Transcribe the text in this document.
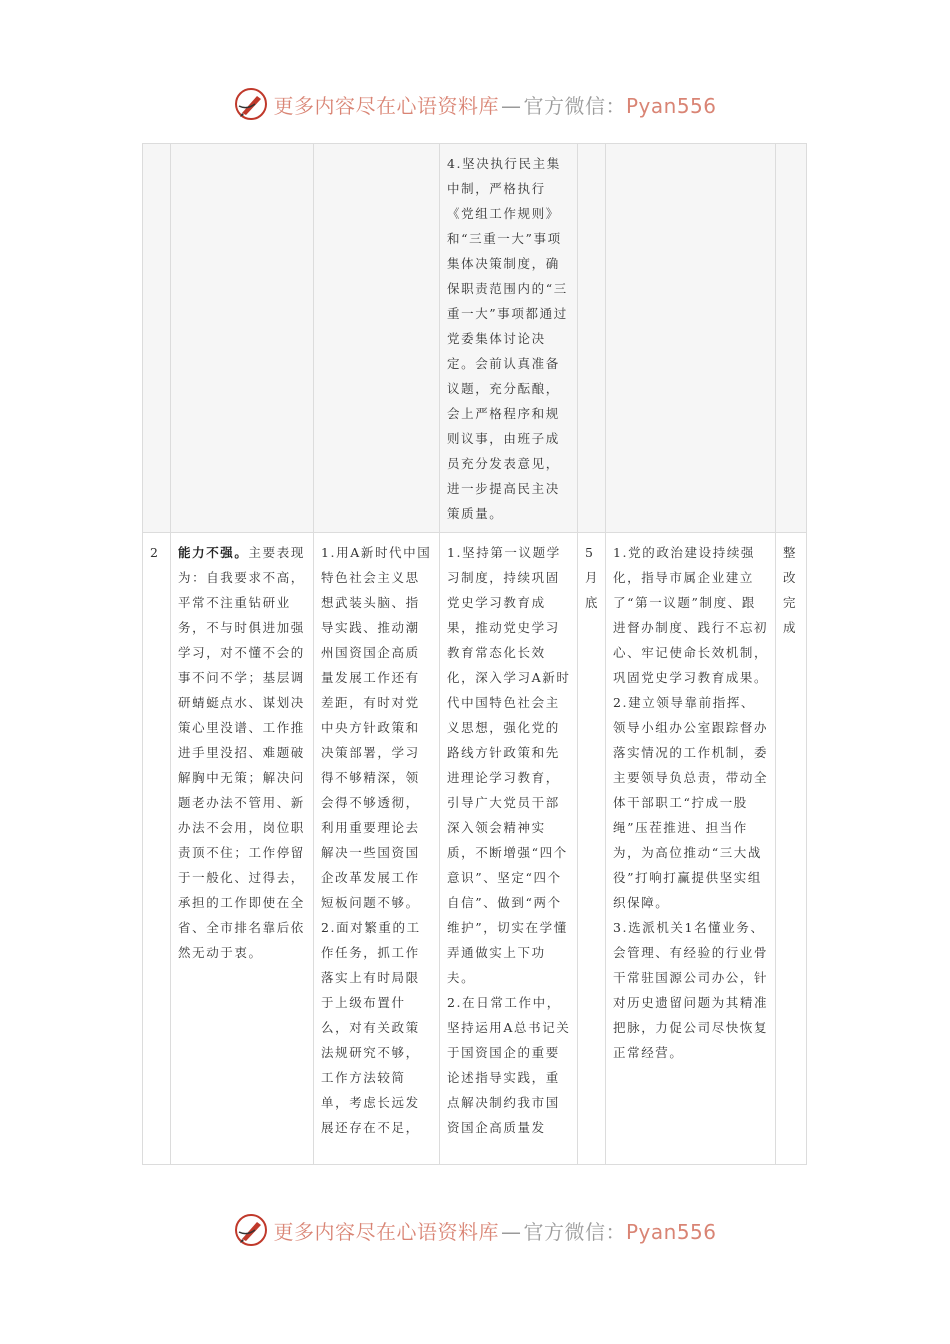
更多内容尽在心语资料库 — 官方微信：Pyan556

			4.坚决执行民主集中制，严格执行《党组工作规则》和“三重一大”事项集体决策制度，确保职责范围内的“三重一大”事项都通过党委集体讨论决定。会前认真准备议题，充分酝酿，会上严格程序和规则议事，由班子成员充分发表意见，进一步提高民主决策质量。			

2	能力不强。主要表现为：自我要求不高，平常不注重钻研业务，不与时俱进加强学习，对不懂不会的事不问不学；基层调研蜻蜓点水、谋划决策心里没谱、工作推进手里没招、难题破解胸中无策；解决问题老办法不管用、新办法不会用，岗位职责顶不住；工作停留于一般化、过得去，承担的工作即使在全省、全市排名靠后依然无动于衷。	1.用A新时代中国特色社会主义思想武装头脑、指导实践、推动潮州国资国企高质量发展工作还有差距，有时对党中央方针政策和决策部署，学习得不够精深，领会得不够透彻，利用重要理论去解决一些国资国企改革发展工作短板问题不够。
2.面对繁重的工作任务，抓工作落实上有时局限于上级布置什么，对有关政策法规研究不够，工作方法较简单，考虑长远发展还存在不足，	1.坚持第一议题学习制度，持续巩固党史学习教育成果，推动党史学习教育常态化长效化，深入学习A新时代中国特色社会主义思想，强化党的路线方针政策和先进理论学习教育，引导广大党员干部深入领会精神实质，不断增强“四个意识”、坚定“四个自信”、做到“两个维护”，切实在学懂弄通做实上下功夫。
2.在日常工作中，坚持运用A总书记关于国资国企的重要论述指导实践，重点解决制约我市国资国企高质量发	5月底	1.党的政治建设持续强化，指导市属企业建立了“第一议题”制度、跟进督办制度、践行不忘初心、牢记使命长效机制，巩固党史学习教育成果。
2.建立领导靠前指挥、领导小组办公室跟踪督办落实情况的工作机制，委主要领导负总责，带动全体干部职工“拧成一股绳”压茬推进、担当作为，为高位推动“三大战役”打响打赢提供坚实组织保障。
3.选派机关1名懂业务、会管理、有经验的行业骨干常驻国源公司办公，针对历史遗留问题为其精准把脉，力促公司尽快恢复正常经营。	整改完成
更多内容尽在心语资料库 — 官方微信：Pyan556
